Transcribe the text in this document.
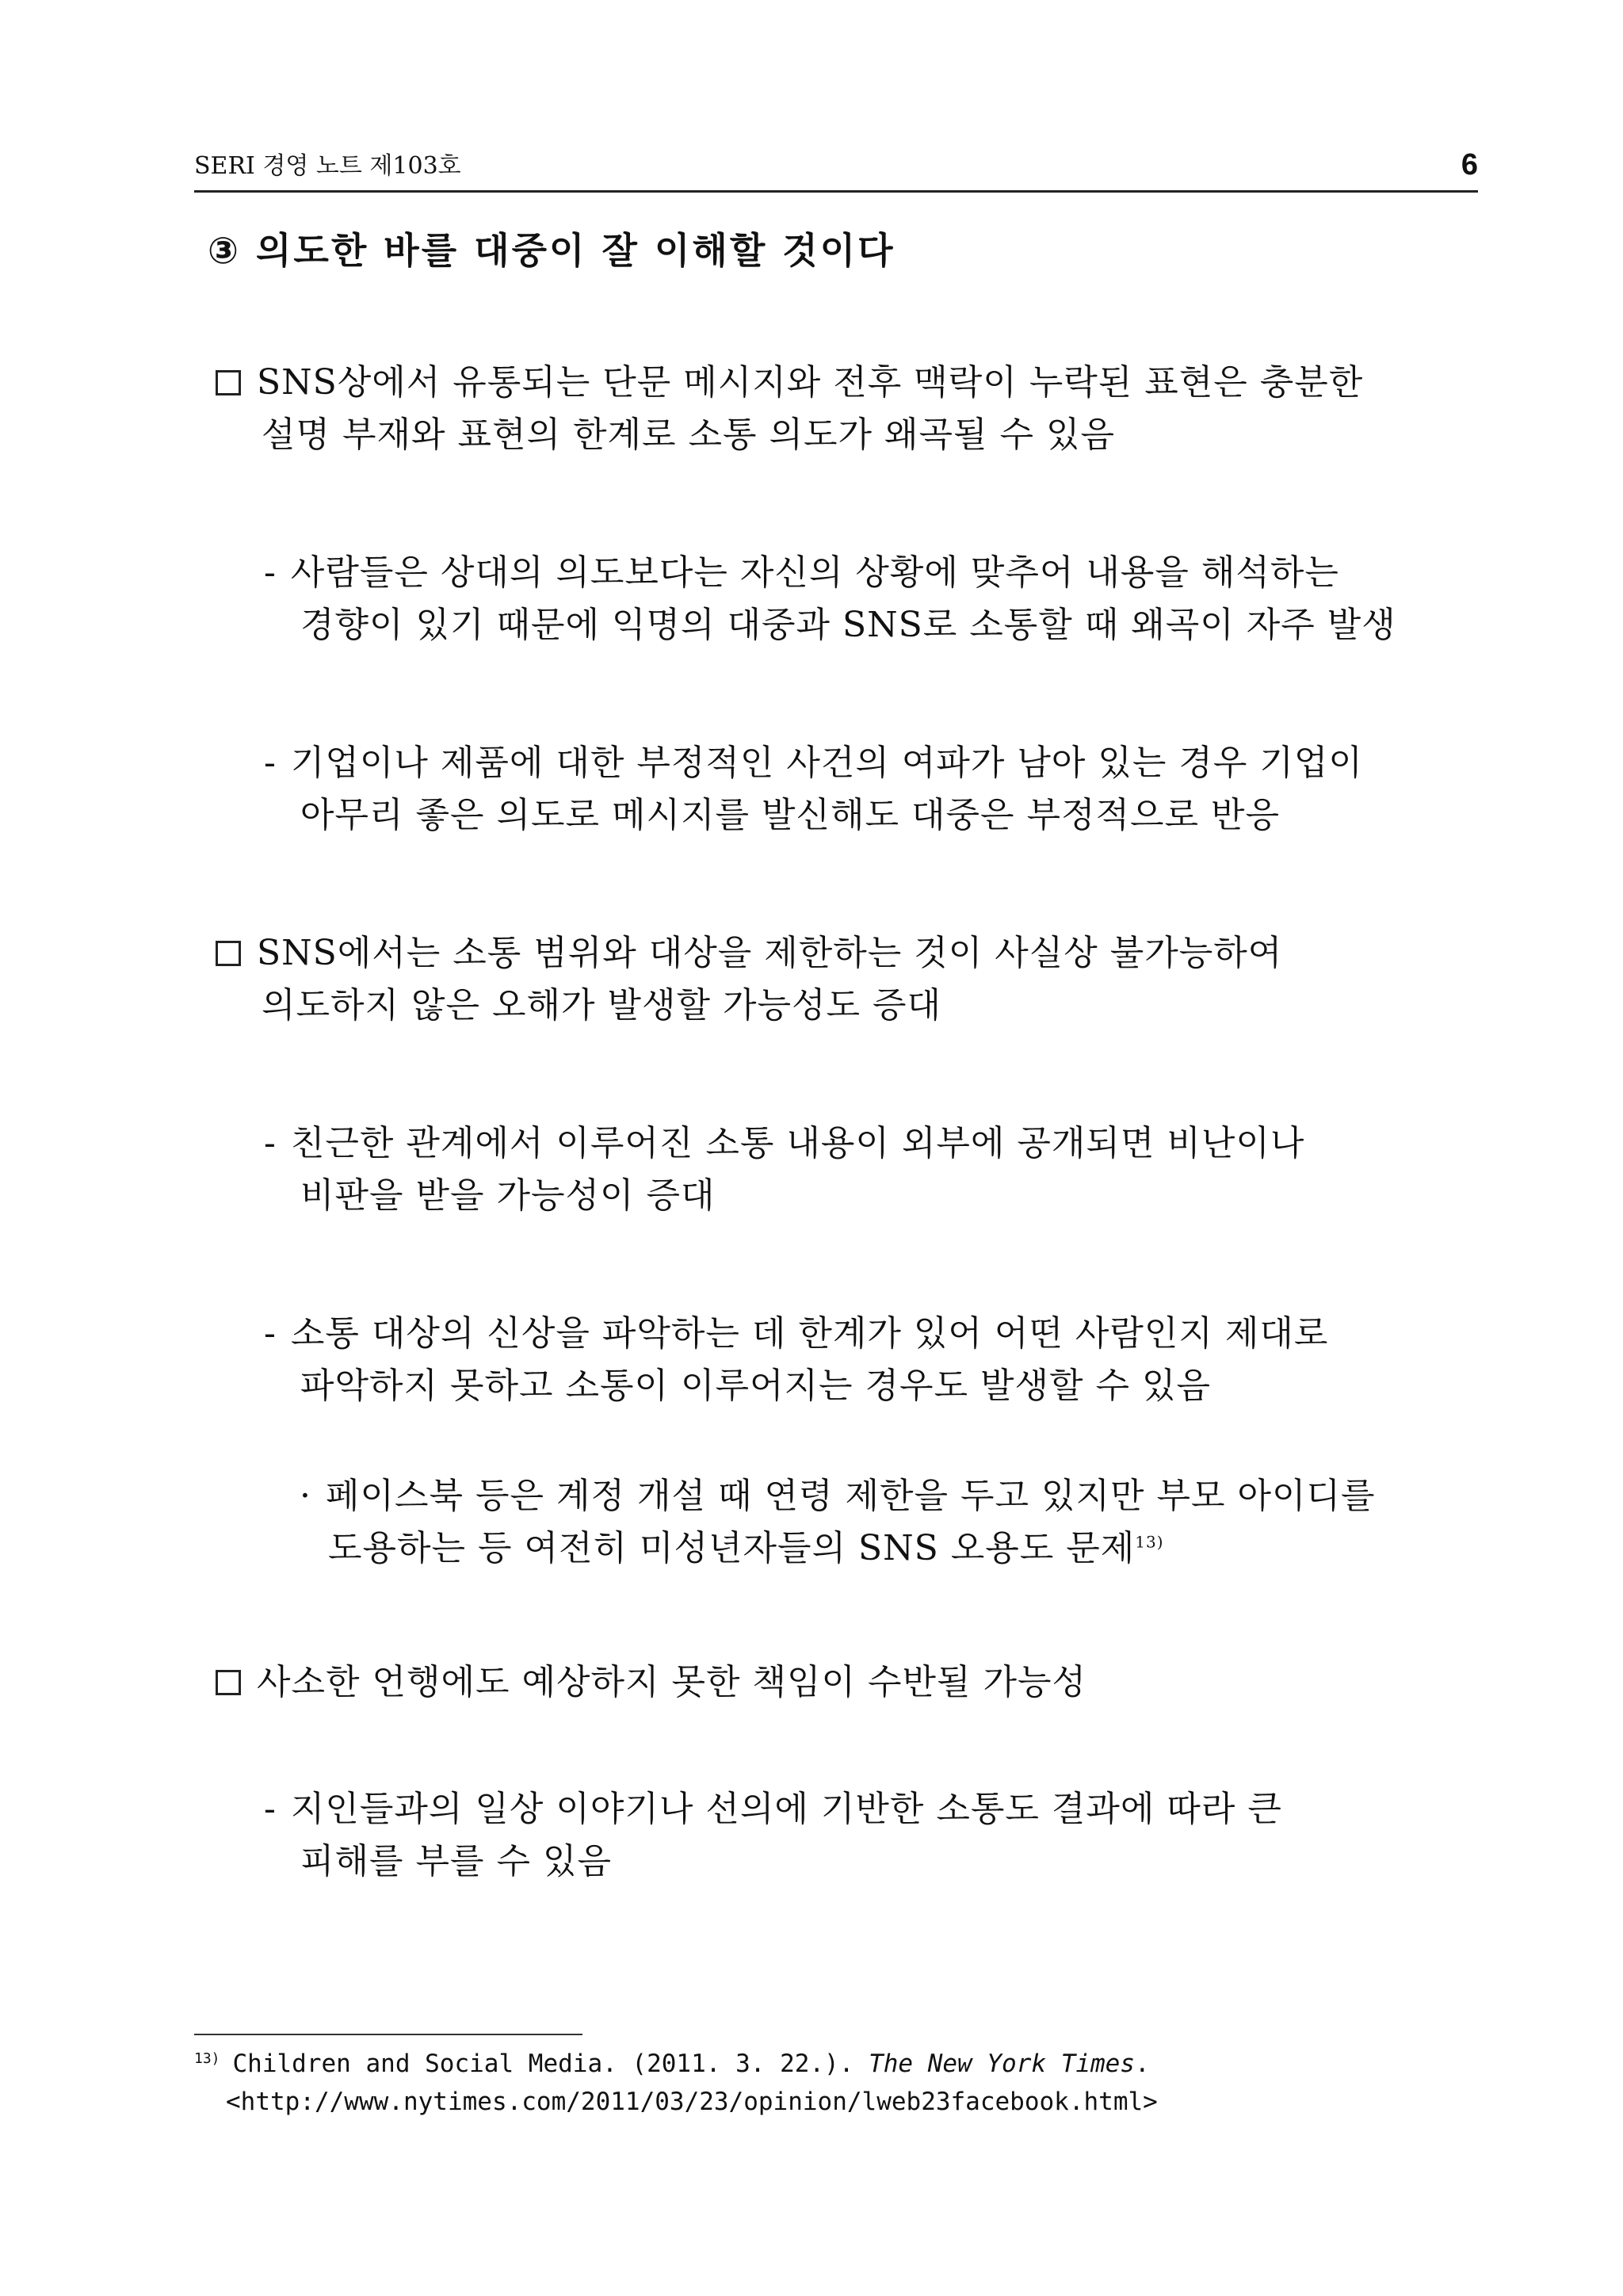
SERI 경영 노트 제103호	6
③ 의도한 바를 대중이 잘 이해할 것이다
SNS상에서 유통되는 단문 메시지와 전후 맥락이 누락된 표현은 충분한
설명 부재와 표현의 한계로 소통 의도가 왜곡될 수 있음
- 사람들은 상대의 의도보다는 자신의 상황에 맞추어 내용을 해석하는
경향이 있기 때문에 익명의 대중과 SNS로 소통할 때 왜곡이 자주 발생
- 기업이나 제품에 대한 부정적인 사건의 여파가 남아 있는 경우 기업이
아무리 좋은 의도로 메시지를 발신해도 대중은 부정적으로 반응
SNS에서는 소통 범위와 대상을 제한하는 것이 사실상 불가능하여
의도하지 않은 오해가 발생할 가능성도 증대
- 친근한 관계에서 이루어진 소통 내용이 외부에 공개되면 비난이나
비판을 받을 가능성이 증대
- 소통 대상의 신상을 파악하는 데 한계가 있어 어떤 사람인지 제대로
파악하지 못하고 소통이 이루어지는 경우도 발생할 수 있음
· 페이스북 등은 계정 개설 때 연령 제한을 두고 있지만 부모 아이디를
도용하는 등 여전히 미성년자들의 SNS 오용도 문제$^{13)}$
사소한 언행에도 예상하지 못한 책임이 수반될 가능성
- 지인들과의 일상 이야기나 선의에 기반한 소통도 결과에 따라 큰
피해를 부를 수 있음
$^{13)}$ Children and Social Media. (2011. 3. 22.). The New York Times.
<http://www.nytimes.com/2011/03/23/opinion/lweb23facebook.html>
